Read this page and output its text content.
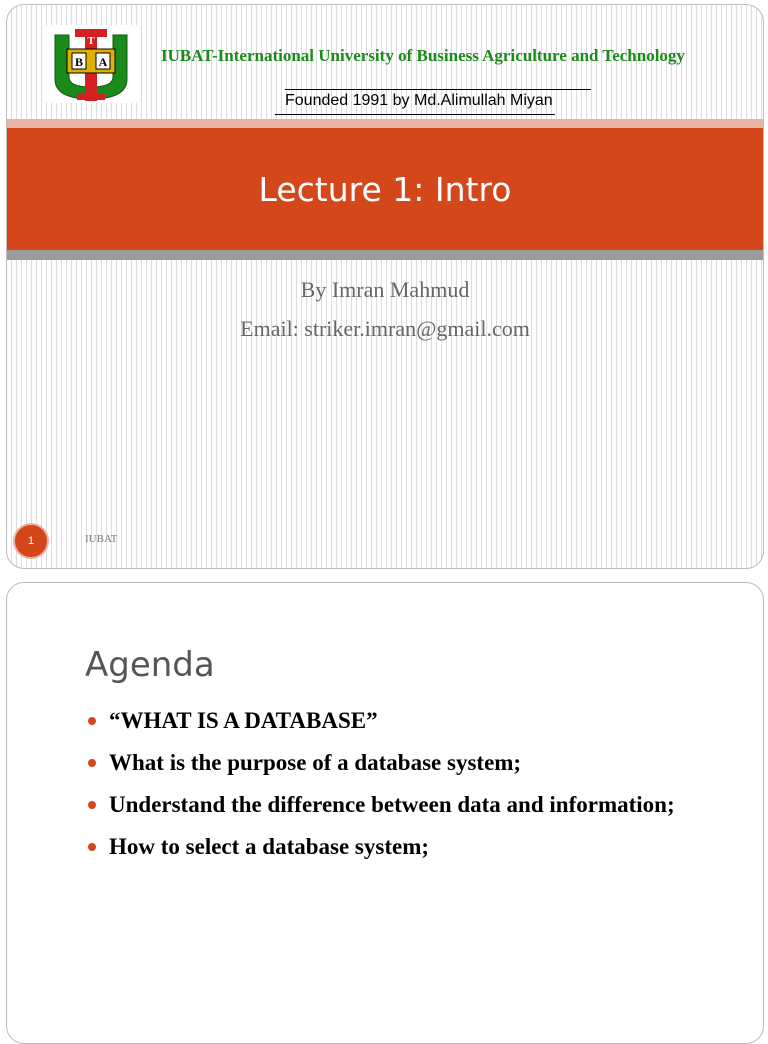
T
B A	IUBAT-International University of Business Agriculture and Technology
Founded 1991 by Md.Alimullah Miyan
Lecture 1: Intro
By Imran Mahmud
Email: striker.imran@gmail.com
1	IUBAT
Agenda
“WHAT IS A DATABASE”
What is the purpose of a database system;
Understand the difference between data and information;
How to select a database system;
